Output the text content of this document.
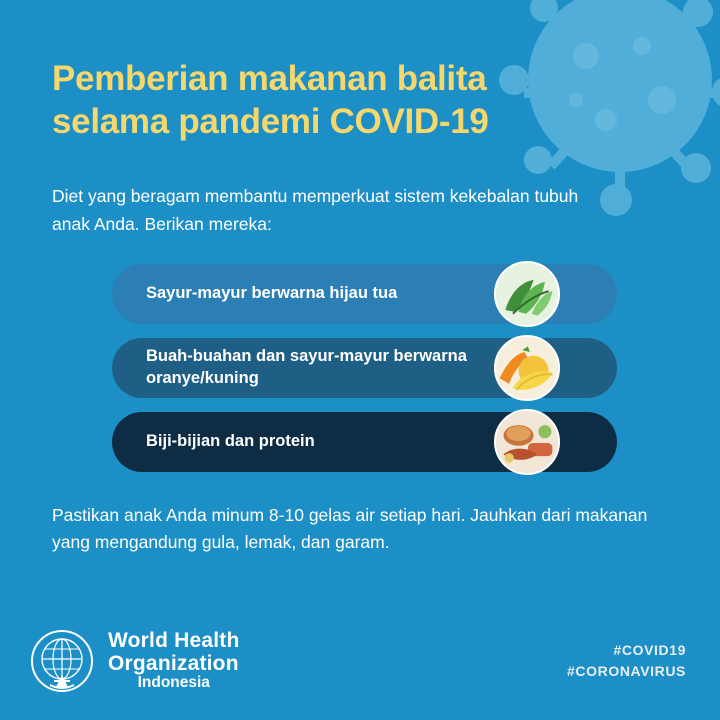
Pemberian makanan balita
selama pandemi COVID-19

Diet yang beragam membantu memperkuat sistem kekebalan tubuh anak Anda. Berikan mereka:

Sayur-mayur berwarna hijau tua
Buah-buahan dan sayur-mayur berwarna oranye/kuning
Biji-bijian dan protein

Pastikan anak Anda minum 8-10 gelas air setiap hari. Jauhkan dari makanan yang mengandung gula, lemak, dan garam.

World Health
Organization
Indonesia
#COVID19
#CORONAVIRUS
